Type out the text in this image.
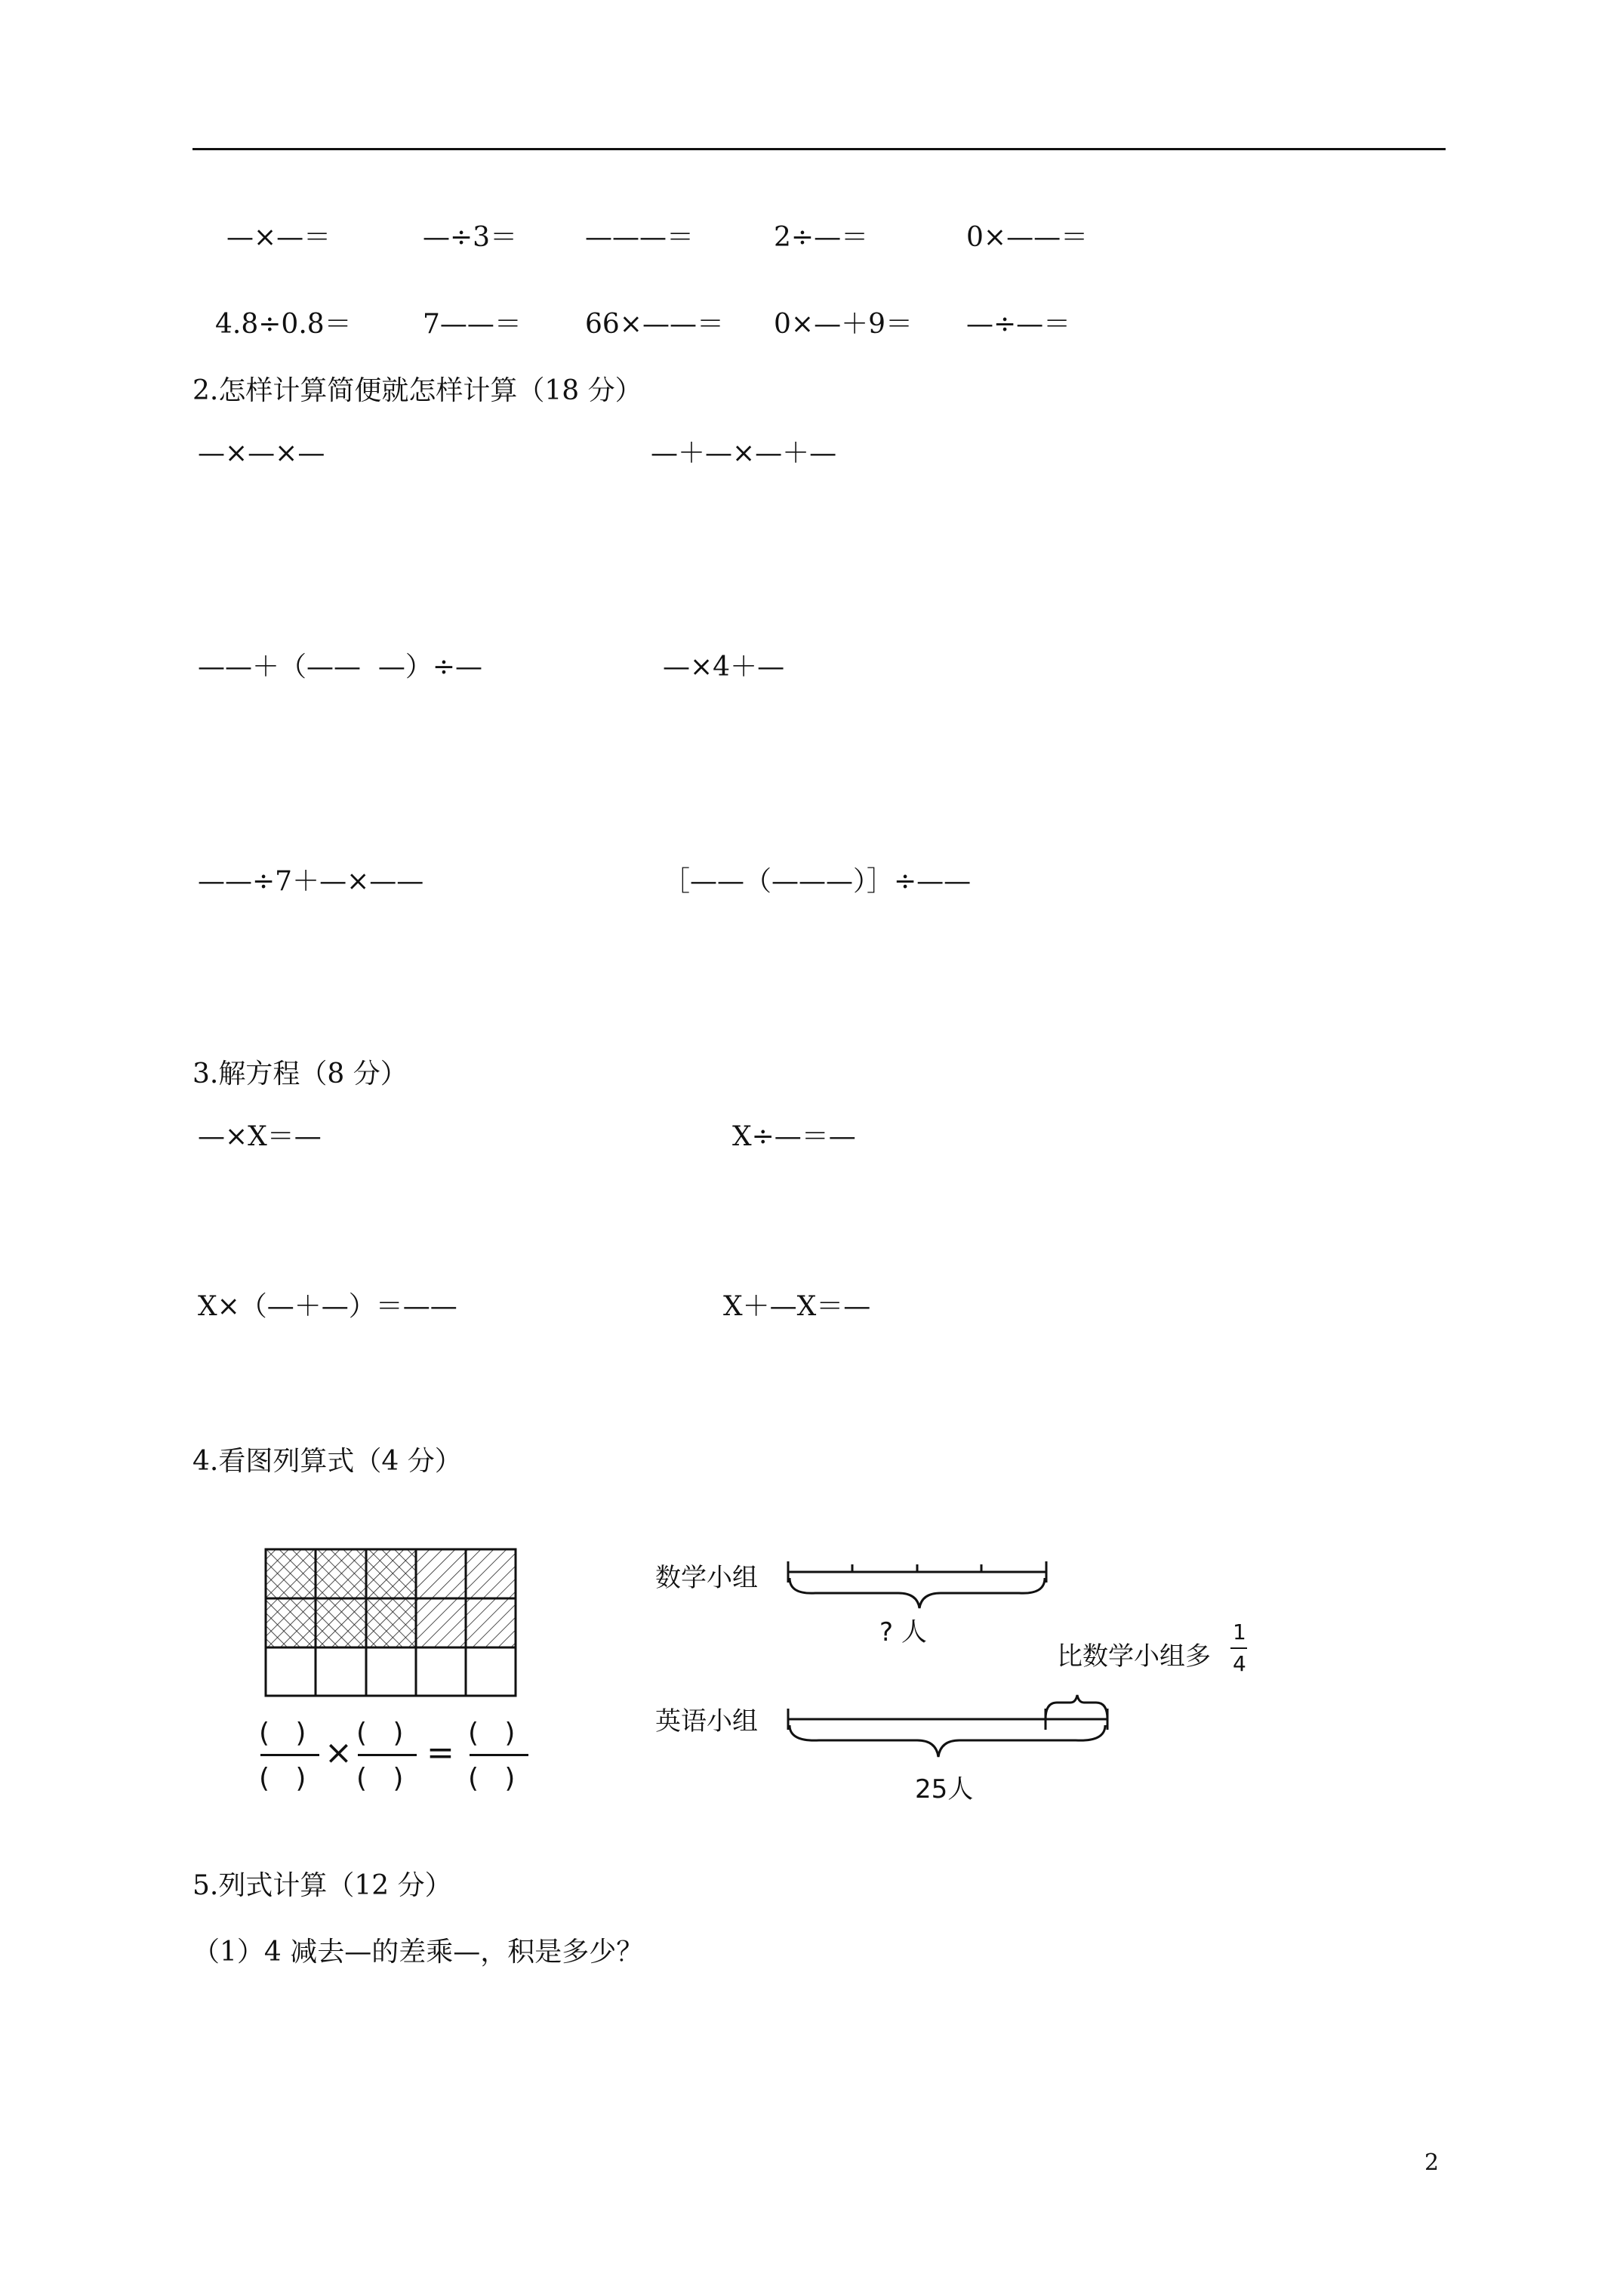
—×—＝	—÷3＝ ———＝	2÷—＝	0×——＝
4.8÷0.8＝	7——＝ 66×——＝ 0×—＋9＝ —÷—＝
2.怎样计算简便就怎样计算（18 分）
—×—×—	—＋—×—＋—
——＋（——  —）÷—	—×4＋—
——÷7＋—×——	［——（———）］÷——
3.解方程（8 分）
—×X＝—	X÷—＝—
X×（—＋—）＝——	X＋—X＝—
4.看图列算式（4 分）
(   )
(   )
×
(   )
(   )
=
(   )
(   )
数学小组
? 人
比数学小组多
1
4
英语小组
25人
5.列式计算（12 分）
（1）4 减去—的差乘—，积是多少？
2
